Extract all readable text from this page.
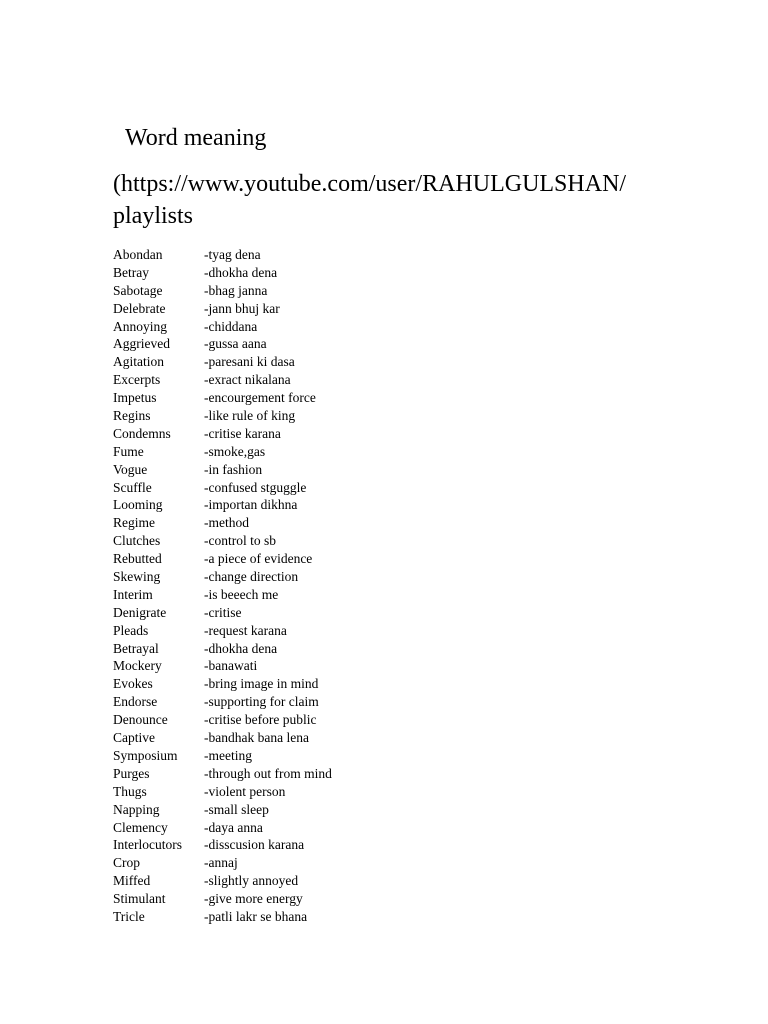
Word meaning
(https://www.youtube.com/user/RAHULGULSHAN/
playlists
Abondan	-tyag dena
Betray	-dhokha dena
Sabotage	-bhag janna
Delebrate	-jann bhuj kar
Annoying	-chiddana
Aggrieved	-gussa aana
Agitation	-paresani ki dasa
Excerpts	-exract nikalana
Impetus	-encourgement force
Regins	-like rule of king
Condemns	-critise karana
Fume	-smoke,gas
Vogue	-in fashion
Scuffle	-confused stguggle
Looming	-importan dikhna
Regime	-method
Clutches	-control to sb
Rebutted	-a piece of evidence
Skewing	-change direction
Interim	-is beeech me
Denigrate	-critise
Pleads	-request karana
Betrayal	-dhokha dena
Mockery	-banawati
Evokes	-bring image in mind
Endorse	-supporting for claim
Denounce	-critise before public
Captive	-bandhak bana lena
Symposium	-meeting
Purges	-through out from mind
Thugs	-violent person
Napping	-small sleep
Clemency	-daya anna
Interlocutors	-disscusion karana
Crop	-annaj
Miffed	-slightly annoyed
Stimulant	-give more energy
Tricle	-patli lakr se bhana
